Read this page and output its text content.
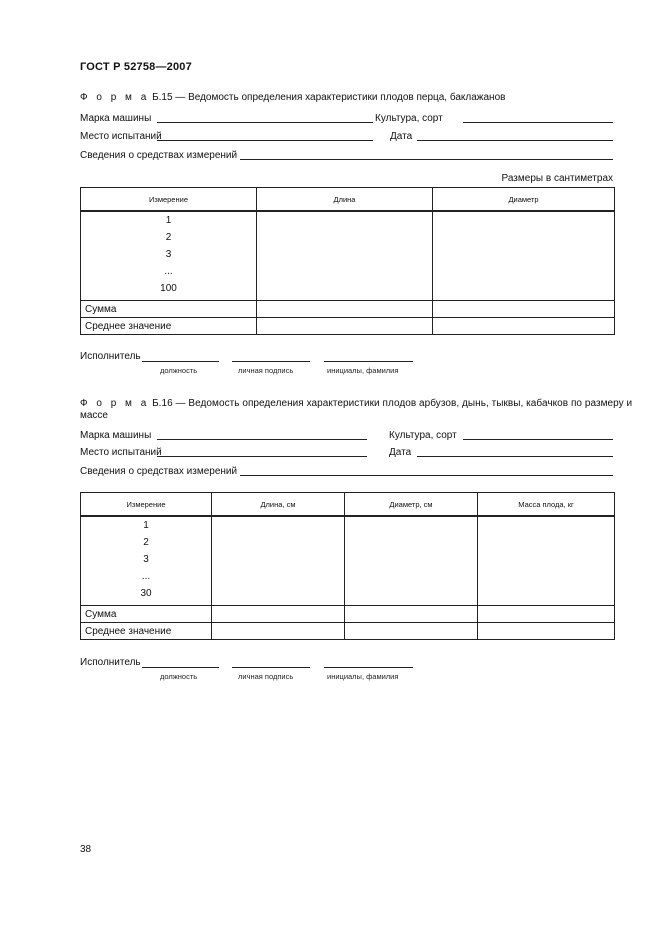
ГОСТ Р 52758—2007
Ф о р м а Б.15 — Ведомость определения характеристики плодов перца, баклажанов
Марка машины	Культура, сорт
Место испытаний	Дата
Сведения о средствах измерений
Размеры в сантиметрах
Измерение	Длина	Диаметр

1
2
3
...
100		

Сумма		
Среднее значение		
Исполнитель
должность	личная подпись	инициалы, фамилия
Ф о р м а Б.16 — Ведомость определения характеристики плодов арбузов, дынь, тыквы, кабачков по размеру и
массе
Марка машины	Культура, сорт
Место испытаний	Дата
Сведения о средствах измерений
Измерение	Длина, см	Диаметр, см	Масса плода, кг

1
2
3
...
30			

Сумма			
Среднее значение			
Исполнитель
должность	личная подпись	инициалы, фамилия
38
